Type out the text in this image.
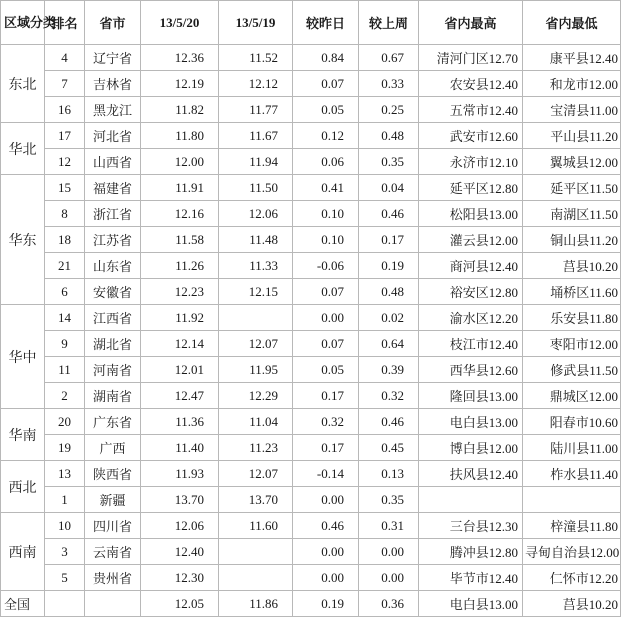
区域分类	排名	省市	13/5/20	13/5/19	较昨日	较上周	省内最高	省内最低
东北	4	辽宁省	12.36	11.52	0.84	0.67	清河门区12.70	康平县12.40
	7	吉林省	12.19	12.12	0.07	0.33	农安县12.40	和龙市12.00
	16	黑龙江	11.82	11.77	0.05	0.25	五常市12.40	宝清县11.00
华北	17	河北省	11.80	11.67	0.12	0.48	武安市12.60	平山县11.20
	12	山西省	12.00	11.94	0.06	0.35	永济市12.10	翼城县12.00
华东	15	福建省	11.91	11.50	0.41	0.04	延平区12.80	延平区11.50
	8	浙江省	12.16	12.06	0.10	0.46	松阳县13.00	南湖区11.50
	18	江苏省	11.58	11.48	0.10	0.17	灌云县12.00	铜山县11.20
	21	山东省	11.26	11.33	-0.06	0.19	商河县12.40	莒县10.20
	6	安徽省	12.23	12.15	0.07	0.48	裕安区12.80	埇桥区11.60
华中	14	江西省	11.92		0.00	0.02	渝水区12.20	乐安县11.80
	9	湖北省	12.14	12.07	0.07	0.64	枝江市12.40	枣阳市12.00
	11	河南省	12.01	11.95	0.05	0.39	西华县12.60	修武县11.50
	2	湖南省	12.47	12.29	0.17	0.32	隆回县13.00	鼎城区12.00
华南	20	广东省	11.36	11.04	0.32	0.46	电白县13.00	阳春市10.60
	19	广西	11.40	11.23	0.17	0.45	博白县12.00	陆川县11.00
西北	13	陕西省	11.93	12.07	-0.14	0.13	扶风县12.40	柞水县11.40
	1	新疆	13.70	13.70	0.00	0.35		
西南	10	四川省	12.06	11.60	0.46	0.31	三台县12.30	梓潼县11.80
	3	云南省	12.40		0.00	0.00	腾冲县12.80	寻甸自治县12.00
	5	贵州省	12.30		0.00	0.00	毕节市12.40	仁怀市12.20
全国			12.05	11.86	0.19	0.36	电白县13.00	莒县10.20
